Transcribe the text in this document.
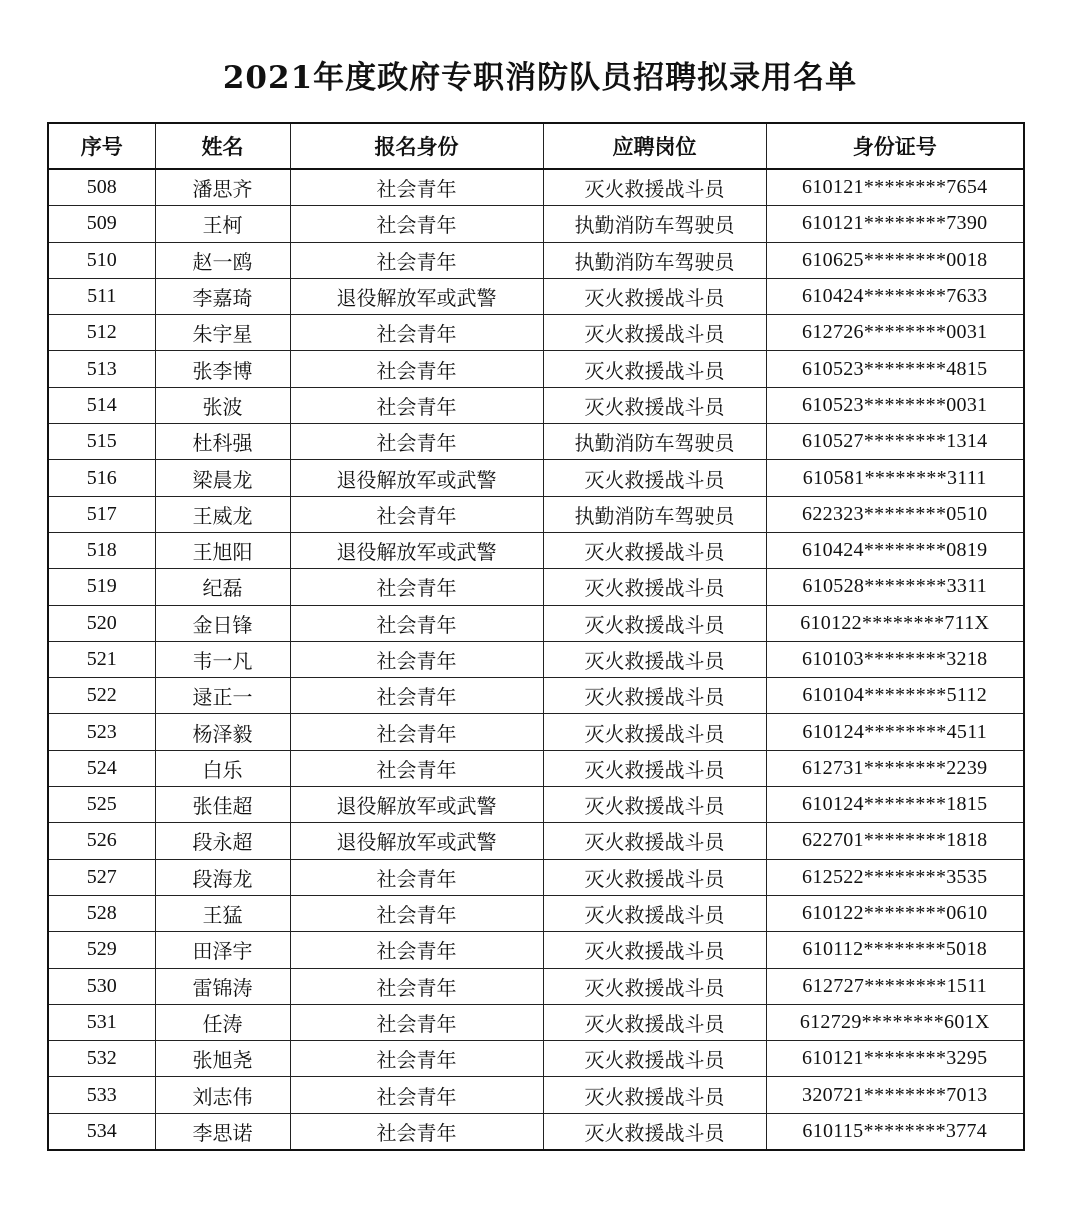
2021年度政府专职消防队员招聘拟录用名单
序号	姓名	报名身份	应聘岗位	身份证号
508	潘思齐	社会青年	灭火救援战斗员	610121********7654
509	王柯	社会青年	执勤消防车驾驶员	610121********7390
510	赵一鸥	社会青年	执勤消防车驾驶员	610625********0018
511	李嘉琦	退役解放军或武警	灭火救援战斗员	610424********7633
512	朱宇星	社会青年	灭火救援战斗员	612726********0031
513	张李博	社会青年	灭火救援战斗员	610523********4815
514	张波	社会青年	灭火救援战斗员	610523********0031
515	杜科强	社会青年	执勤消防车驾驶员	610527********1314
516	梁晨龙	退役解放军或武警	灭火救援战斗员	610581********3111
517	王威龙	社会青年	执勤消防车驾驶员	622323********0510
518	王旭阳	退役解放军或武警	灭火救援战斗员	610424********0819
519	纪磊	社会青年	灭火救援战斗员	610528********3311
520	金日锋	社会青年	灭火救援战斗员	610122********711X
521	韦一凡	社会青年	灭火救援战斗员	610103********3218
522	逯正一	社会青年	灭火救援战斗员	610104********5112
523	杨泽毅	社会青年	灭火救援战斗员	610124********4511
524	白乐	社会青年	灭火救援战斗员	612731********2239
525	张佳超	退役解放军或武警	灭火救援战斗员	610124********1815
526	段永超	退役解放军或武警	灭火救援战斗员	622701********1818
527	段海龙	社会青年	灭火救援战斗员	612522********3535
528	王猛	社会青年	灭火救援战斗员	610122********0610
529	田泽宇	社会青年	灭火救援战斗员	610112********5018
530	雷锦涛	社会青年	灭火救援战斗员	612727********1511
531	任涛	社会青年	灭火救援战斗员	612729********601X
532	张旭尧	社会青年	灭火救援战斗员	610121********3295
533	刘志伟	社会青年	灭火救援战斗员	320721********7013
534	李思诺	社会青年	灭火救援战斗员	610115********3774
